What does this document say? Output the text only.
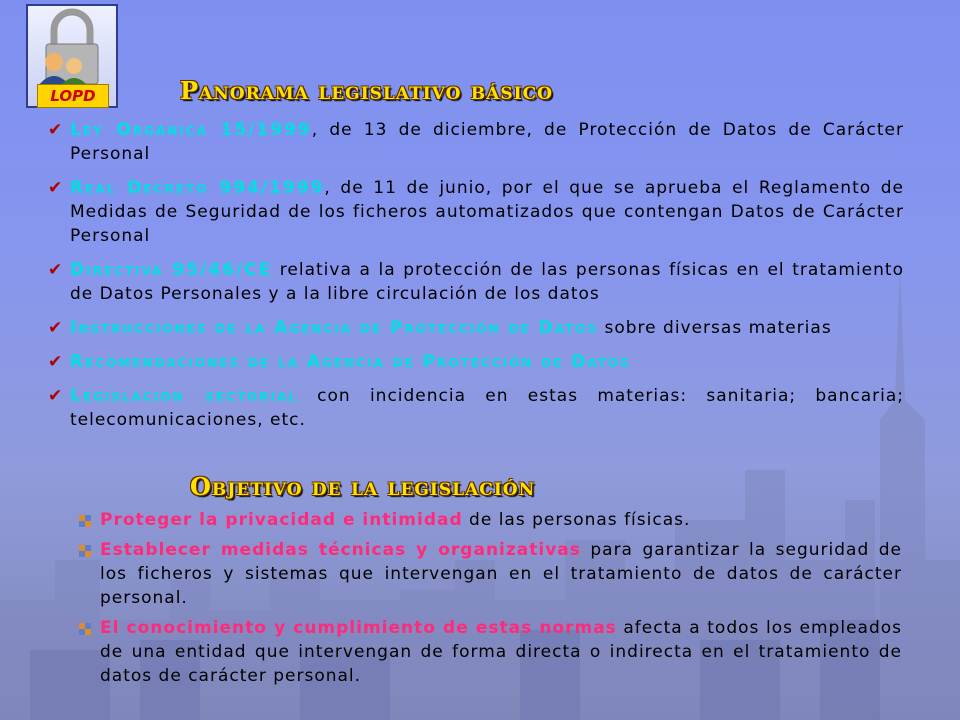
LOPD	Panorama legislativo básico
✔ Ley Orgánica 15/1999, de 13 de diciembre, de Protección de Datos de Carácter Personal
✔ Real Decreto 994/1999, de 11 de junio, por el que se aprueba el Reglamento de Medidas de Seguridad de los ficheros automatizados que contengan Datos de Carácter Personal
✔ Directiva 95/46/CE relativa a la protección de las personas físicas en el tratamiento de Datos Personales y a la libre circulación de los datos
✔ Instrucciones de la Agencia de Protección de Datos sobre diversas materias
✔ Recomendaciones de la Agencia de Protección de Datos
✔ Legislación sectorial con incidencia en estas materias: sanitaria; bancaria; telecomunicaciones, etc.
Objetivo de la legislación
Proteger la privacidad e intimidad de las personas físicas.
Establecer medidas técnicas y organizativas para garantizar la seguridad de los ficheros y sistemas que intervengan en el tratamiento de datos de carácter personal.
El conocimiento y cumplimiento de estas normas afecta a todos los empleados de una entidad que intervengan de forma directa o indirecta en el tratamiento de datos de carácter personal.
